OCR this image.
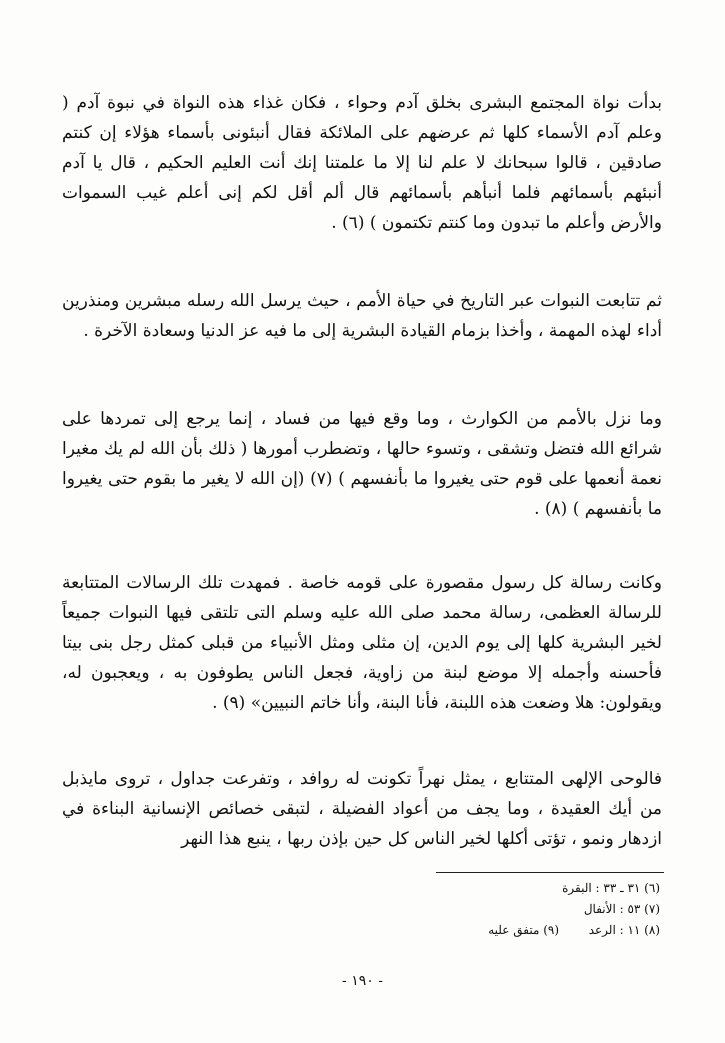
بدأت نواة المجتمع البشرى بخلق آدم وحواء ، فكان غذاء هذه النواة في نبوة آدم ( وعلم آدم الأسماء كلها ثم عرضهم على الملائكة فقال أنبئونى بأسماء هؤلاء إن كنتم صادقين ، قالوا سبحانك لا علم لنا إلا ما علمتنا إنك أنت العليم الحكيم ، قال يا آدم أنبئهم بأسمائهم فلما أنبأهم بأسمائهم قال ألم أقل لكم إنى أعلم غيب السموات والأرض وأعلم ما تبدون وما كنتم تكتمون ) (٦) .

ثم تتابعت النبوات عبر التاريخ في حياة الأمم ، حيث يرسل الله رسله مبشرين ومنذرين أداء لهذه المهمة ، وأخذا بزمام القيادة البشرية إلى ما فيه عز الدنيا وسعادة الآخرة .

وما نزل بالأمم من الكوارث ، وما وقع فيها من فساد ، إنما يرجع إلى تمردها على شرائع الله فتضل وتشقى ، وتسوء حالها ، وتضطرب أمورها ( ذلك بأن الله لم يك مغيرا نعمة أنعمها على قوم حتى يغيروا ما بأنفسهم ) (٧) (إن الله لا يغير ما بقوم حتى يغيروا ما بأنفسهم ) (٨) .

وكانت رسالة كل رسول مقصورة على قومه خاصة . فمهدت تلك الرسالات المتتابعة للرسالة العظمى، رسالة محمد صلى الله عليه وسلم التى تلتقى فيها النبوات جميعاً لخير البشرية كلها إلى يوم الدين، إن مثلى ومثل الأنبياء من قبلى كمثل رجل بنى بيتا فأحسنه وأجمله إلا موضع لبنة من زاوية، فجعل الناس يطوفون به ، ويعجبون له، ويقولون: هلا وضعت هذه اللبنة، فأنا البنة، وأنا خاتم النبيين» (٩) .

فالوحى الإلهى المتتابع ، يمثل نهراً تكونت له روافد ، وتفرعت جداول ، تروى مايذبل من أيك العقيدة ، وما يجف من أعواد الفضيلة ، لتبقى خصائص الإنسانية البناءة في ازدهار ونمو ، تؤتى أكلها لخير الناس كل حين بإذن ربها ، ينبع هذا النهر

(٦) ٣١ ـ ٣٣ : البقرة
(٧) ٥٣ : الأنفال
(٨) ١١ : الرعد  (٩) متفق عليه

- ١٩٠ -
